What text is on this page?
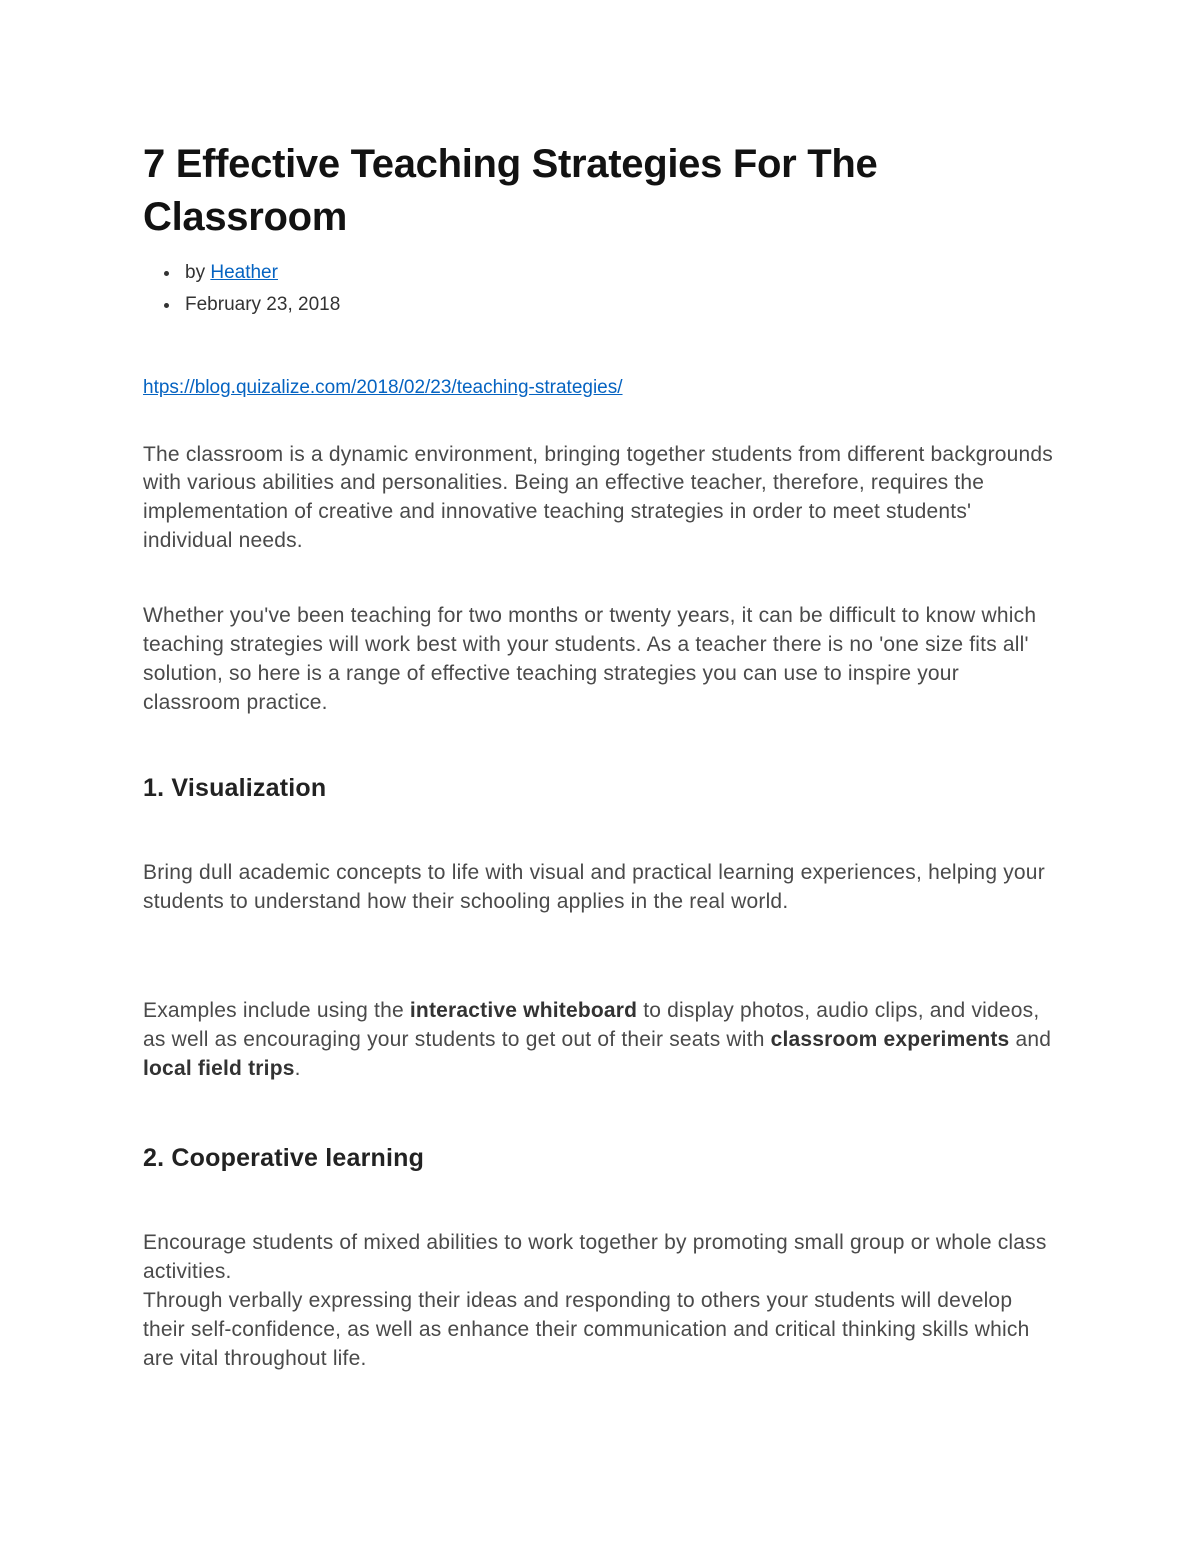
7 Effective Teaching Strategies For The Classroom
• by Heather
• February 23, 2018
htps://blog.quizalize.com/2018/02/23/teaching-strategies/

The classroom is a dynamic environment, bringing together students from different backgrounds with various abilities and personalities. Being an effective teacher, therefore, requires the implementation of creative and innovative teaching strategies in order to meet students' individual needs.

Whether you've been teaching for two months or twenty years, it can be difficult to know which teaching strategies will work best with your students. As a teacher there is no 'one size fits all' solution, so here is a range of effective teaching strategies you can use to inspire your classroom practice.

1. Visualization

Bring dull academic concepts to life with visual and practical learning experiences, helping your students to understand how their schooling applies in the real world.

Examples include using the interactive whiteboard to display photos, audio clips, and videos, as well as encouraging your students to get out of their seats with classroom experiments and local field trips.

2. Cooperative learning

Encourage students of mixed abilities to work together by promoting small group or whole class activities.
Through verbally expressing their ideas and responding to others your students will develop their self-confidence, as well as enhance their communication and critical thinking skills which are vital throughout life.
